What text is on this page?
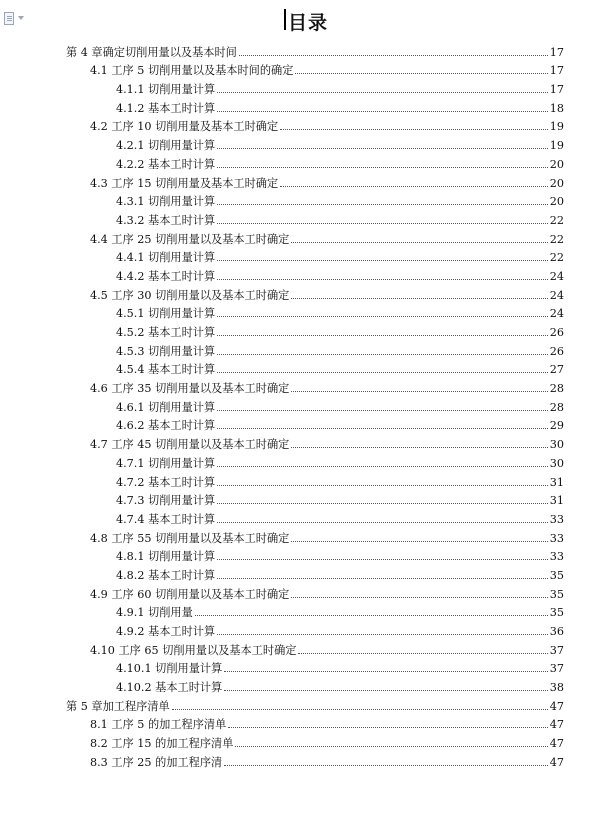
目录
第 4 章确定切削用量以及基本时间	17
4.1 工序 5 切削用量以及基本时间的确定	17
4.1.1 切削用量计算	17
4.1.2 基本工时计算	18
4.2 工序 10 切削用量及基本工时确定	19
4.2.1 切削用量计算	19
4.2.2 基本工时计算	20
4.3 工序 15 切削用量及基本工时确定	20
4.3.1 切削用量计算	20
4.3.2 基本工时计算	22
4.4 工序 25 切削用量以及基本工时确定	22
4.4.1 切削用量计算	22
4.4.2 基本工时计算	24
4.5 工序 30 切削用量以及基本工时确定	24
4.5.1 切削用量计算	24
4.5.2 基本工时计算	26
4.5.3 切削用量计算	26
4.5.4 基本工时计算	27
4.6 工序 35 切削用量以及基本工时确定	28
4.6.1 切削用量计算	28
4.6.2 基本工时计算	29
4.7 工序 45 切削用量以及基本工时确定	30
4.7.1 切削用量计算	30
4.7.2 基本工时计算	31
4.7.3 切削用量计算	31
4.7.4 基本工时计算	33
4.8 工序 55 切削用量以及基本工时确定	33
4.8.1 切削用量计算	33
4.8.2 基本工时计算	35
4.9 工序 60 切削用量以及基本工时确定	35
4.9.1 切削用量	35
4.9.2 基本工时计算	36
4.10 工序 65 切削用量以及基本工时确定	37
4.10.1 切削用量计算	37
4.10.2 基本工时计算	38
第 5 章加工程序清单	47
8.1 工序 5 的加工程序清单	47
8.2 工序 15 的加工程序清单	47
8.3 工序 25 的加工程序清	47
